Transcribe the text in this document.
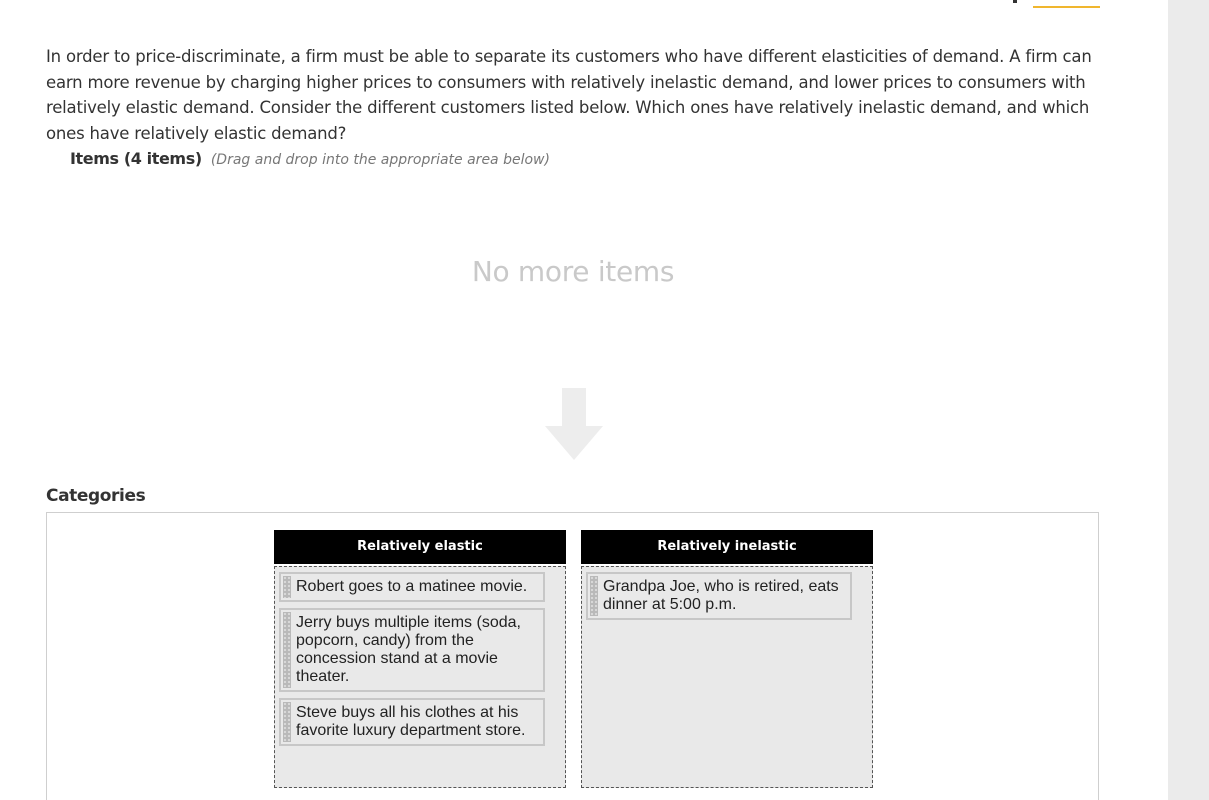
In order to price-discriminate, a firm must be able to separate its customers who have different elasticities of demand. A firm can earn more revenue by charging higher prices to consumers with relatively inelastic demand, and lower prices to consumers with relatively elastic demand. Consider the different customers listed below. Which ones have relatively inelastic demand, and which ones have relatively elastic demand?
Items (4 items) (Drag and drop into the appropriate area below)
No more items
Categories
Relatively elastic
Robert goes to a matinee movie.
Jerry buys multiple items (soda, popcorn, candy) from the concession stand at a movie theater.
Steve buys all his clothes at his favorite luxury department store.
Relatively inelastic
Grandpa Joe, who is retired, eats dinner at 5:00 p.m.
